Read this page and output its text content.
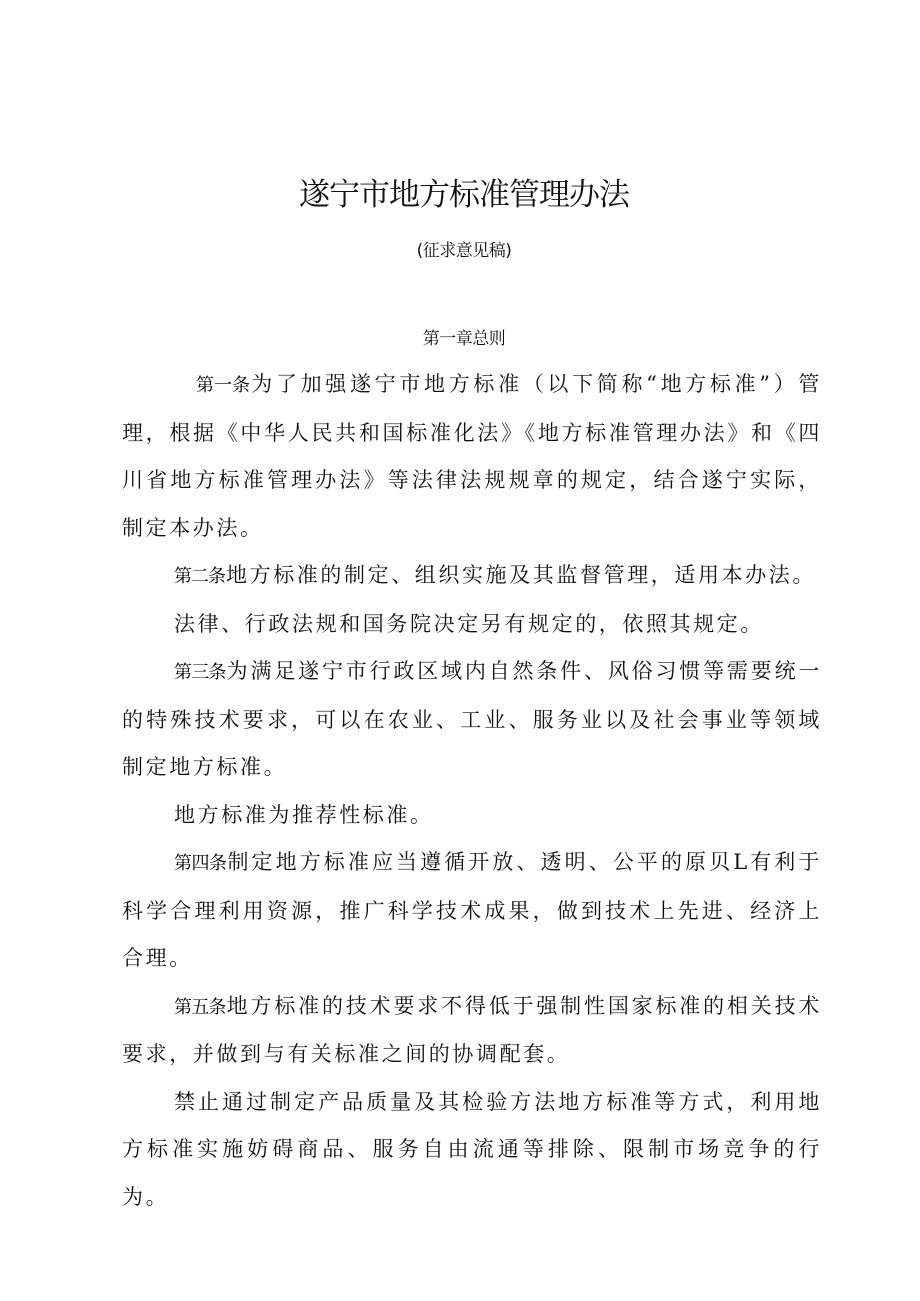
遂宁市地方标准管理办法
(征求意见稿)
第一章总则

第一条为了加强遂宁市地方标准（以下简称“地方标准”）管理，根据《中华人民共和国标准化法》《地方标准管理办法》和《四川省地方标准管理办法》等法律法规规章的规定，结合遂宁实际，制定本办法。

第二条地方标准的制定、组织实施及其监督管理，适用本办法。

法律、行政法规和国务院决定另有规定的，依照其规定。

第三条为满足遂宁市行政区域内自然条件、风俗习惯等需要统一的特殊技术要求，可以在农业、工业、服务业以及社会事业等领域制定地方标准。

地方标准为推荐性标准。

第四条制定地方标准应当遵循开放、透明、公平的原贝L有利于科学合理利用资源，推广科学技术成果，做到技术上先进、经济上合理。

第五条地方标准的技术要求不得低于强制性国家标准的相关技术要求，并做到与有关标准之间的协调配套。

禁止通过制定产品质量及其检验方法地方标准等方式，利用地方标准实施妨碍商品、服务自由流通等排除、限制市场竞争的行为。
